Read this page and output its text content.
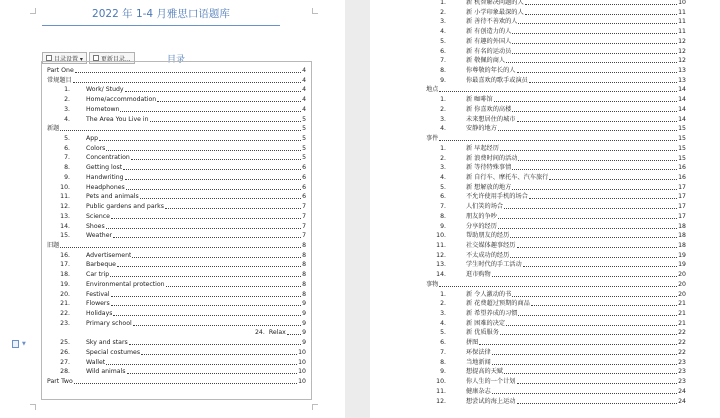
2022 年 1-4 月雅思口语题库
目录设置 ▾	更新目录...	目录
Part One	4
常规题目	4
1.	Work/ Study	4
2.	Home/accommodation	4
3.	Hometown	4
4.	The Area You Live in	5
新题	5
5.	App	5
6.	Colors	5
7.	Concentration	5
8.	Getting lost	6
9.	Handwriting	6
10.	Headphones	6
11.	Pets and animals	6
12.	Public gardens and parks	7
13.	Science	7
14.	Shoes	7
15.	Weather	7
旧题	8
16.	Advertisement	8
17.	Barbeque	8
18.	Car trip	8
19.	Environmental protection	8
20.	Festival	8
21.	Flowers	9
22.	Holidays	9
23.	Primary school	9
24. Relax	9
25.	Sky and stars	9
26.	Special costumes	10
27.	Wallet	10
28.	Wild animals	10
Part Two	10
▼
1.	新 机智解决问题的人	10
2.	新 小学印象最深的人	11
3.	新 善待不善欢的人	11
4.	新 有创造力的人	11
5.	新 有趣的外国人	12
6.	新 有名的运动员	12
7.	新 敬佩的商人	12
8.	你尊敬的年长的人	13
9.	你最喜欢的歌手或演员	13
地点	14
1.	新 咖啡馆	14
2.	新 你喜欢的高楼	14
3.	未来想居住的城市	14
4.	安静的地方	15
事件	15
1.	新 早起经历	15
2.	新 浪费时间的活动	15
3.	新 等待特殊事情	16
4.	新 自行车、摩托车、汽车旅行	16
5.	新 想解放的地方	17
6.	不允许使用手机的场合	17
7.	人们笑的场合	17
8.	朋友的争吵	17
9.	分享的经历	18
10.	帮助朋友的经历	18
11.	社交媒体趣事经历	18
12.	不太成功的经历	19
13.	学生时代的手工活动	19
14.	逛市购物	20
事物	20
1.	新 令人激动的书	20
2.	新 花费超过预期的商品	21
3.	新 希望养成的习惯	21
4.	新 困难的决定	21
5.	新 优质服务	22
6.	拼图	22
7.	环保法律	22
8.	当地新闻	23
9.	想提高的天赋	23
10.	你人生的一个计划	23
11.	健康杂志	24
12.	想尝试的海上运动	24
